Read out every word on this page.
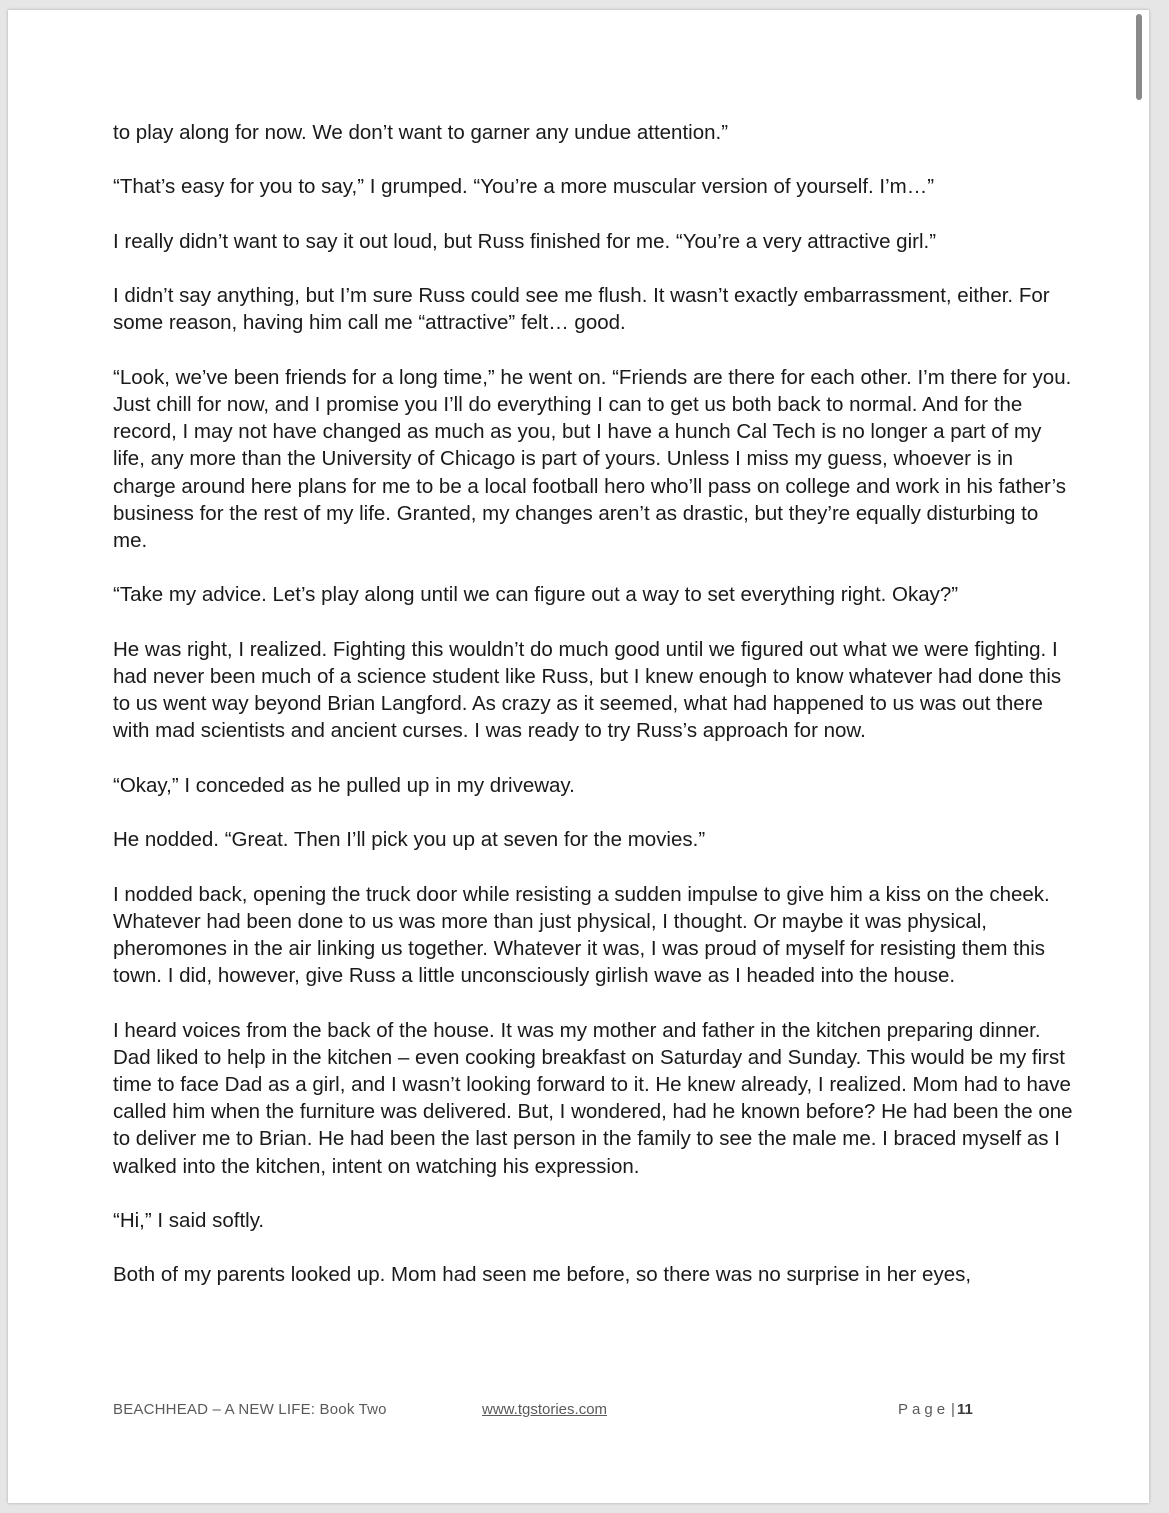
to play along for now. We don’t want to garner any undue attention.”

“That’s easy for you to say,” I grumped. “You’re a more muscular version of yourself. I’m…”

I really didn’t want to say it out loud, but Russ finished for me. “You’re a very attractive girl.”

I didn’t say anything, but I’m sure Russ could see me flush. It wasn’t exactly embarrassment, either. For some reason, having him call me “attractive” felt… good.

“Look, we’ve been friends for a long time,” he went on. “Friends are there for each other. I’m there for you. Just chill for now, and I promise you I’ll do everything I can to get us both back to normal. And for the record, I may not have changed as much as you, but I have a hunch Cal Tech is no longer a part of my life, any more than the University of Chicago is part of yours. Unless I miss my guess, whoever is in charge around here plans for me to be a local football hero who’ll pass on college and work in his father’s business for the rest of my life. Granted, my changes aren’t as drastic, but they’re equally disturbing to me.

“Take my advice. Let’s play along until we can figure out a way to set everything right. Okay?”

He was right, I realized. Fighting this wouldn’t do much good until we figured out what we were fighting. I had never been much of a science student like Russ, but I knew enough to know whatever had done this to us went way beyond Brian Langford. As crazy as it seemed, what had happened to us was out there with mad scientists and ancient curses. I was ready to try Russ’s approach for now.

“Okay,” I conceded as he pulled up in my driveway.

He nodded. “Great. Then I’ll pick you up at seven for the movies.”

I nodded back, opening the truck door while resisting a sudden impulse to give him a kiss on the cheek. Whatever had been done to us was more than just physical, I thought. Or maybe it was physical, pheromones in the air linking us together. Whatever it was, I was proud of myself for resisting them this town. I did, however, give Russ a little unconsciously girlish wave as I headed into the house.

I heard voices from the back of the house. It was my mother and father in the kitchen preparing dinner. Dad liked to help in the kitchen – even cooking breakfast on Saturday and Sunday. This would be my first time to face Dad as a girl, and I wasn’t looking forward to it. He knew already, I realized. Mom had to have called him when the furniture was delivered. But, I wondered, had he known before? He had been the one to deliver me to Brian. He had been the last person in the family to see the male me. I braced myself as I walked into the kitchen, intent on watching his expression.

“Hi,” I said softly.

Both of my parents looked up. Mom had seen me before, so there was no surprise in her eyes,

BEACHHEAD – A NEW LIFE: Book Two	www.tgstories.com	Page | 11
